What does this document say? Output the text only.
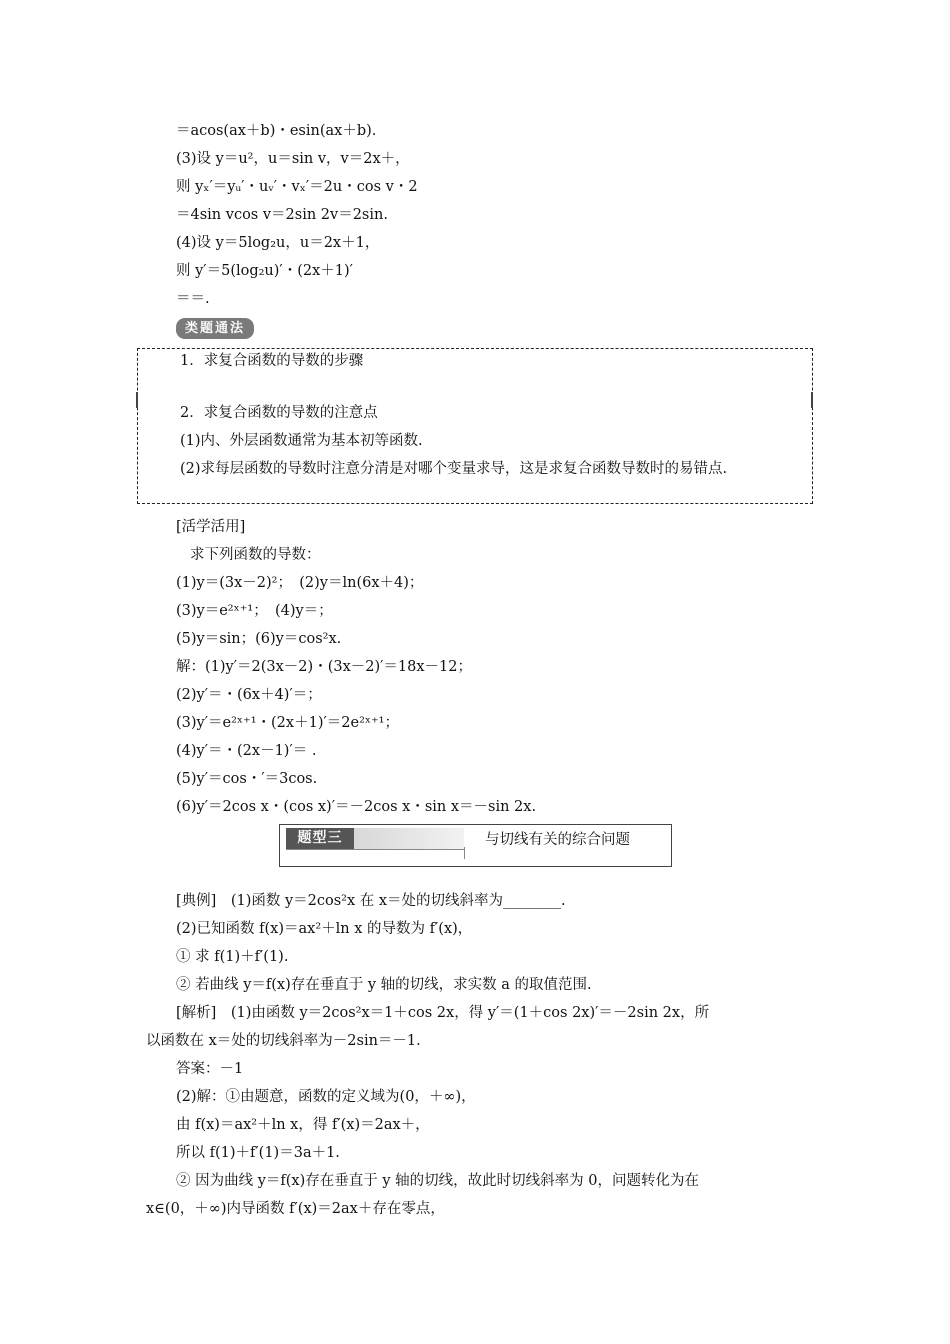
＝acos(ax＋b)・esin(ax＋b).
(3)设 y＝u²，u＝sin v，v＝2x＋，
则 yₓ′＝yᵤ′・uᵥ′・vₓ′＝2u・cos v・2
＝4sin vcos v＝2sin 2v＝2sin.
(4)设 y＝5log₂u，u＝2x＋1，
则 y′＝5(log₂u)′・(2x＋1)′
＝＝.
类题通法
1．求复合函数的导数的步骤
2．求复合函数的导数的注意点
(1)内、外层函数通常为基本初等函数.
(2)求每层函数的导数时注意分清是对哪个变量求导，这是求复合函数导数时的易错点.
[活学活用]
求下列函数的导数：
(1)y＝(3x－2)²；　(2)y＝ln(6x＋4)；
(3)y＝e²ˣ⁺¹；　(4)y＝；
(5)y＝sin；(6)y＝cos²x.
解：(1)y′＝2(3x－2)・(3x－2)′＝18x－12；
(2)y′＝・(6x＋4)′＝；
(3)y′＝e²ˣ⁺¹・(2x＋1)′＝2e²ˣ⁺¹；
(4)y′＝・(2x－1)′＝ .
(5)y′＝cos・′＝3cos.
(6)y′＝2cos x・(cos x)′＝－2cos x・sin x＝－sin 2x.
题型三	与切线有关的综合问题
[典例]　(1)函数 y＝2cos²x 在 x＝处的切线斜率为________.
(2)已知函数 f(x)＝ax²＋ln x 的导数为 f′(x)，
① 求 f(1)＋f′(1).
② 若曲线 y＝f(x)存在垂直于 y 轴的切线，求实数 a 的取值范围.
[解析]　(1)由函数 y＝2cos²x＝1＋cos 2x，得 y′＝(1＋cos 2x)′＝－2sin 2x，所
以函数在 x＝处的切线斜率为－2sin＝－1.
答案：－1
(2)解：①由题意，函数的定义域为(0，＋∞)，
由 f(x)＝ax²＋ln x，得 f′(x)＝2ax＋，
所以 f(1)＋f′(1)＝3a＋1.
② 因为曲线 y＝f(x)存在垂直于 y 轴的切线，故此时切线斜率为 0，问题转化为在
x∈(0，＋∞)内导函数 f′(x)＝2ax＋存在零点，
